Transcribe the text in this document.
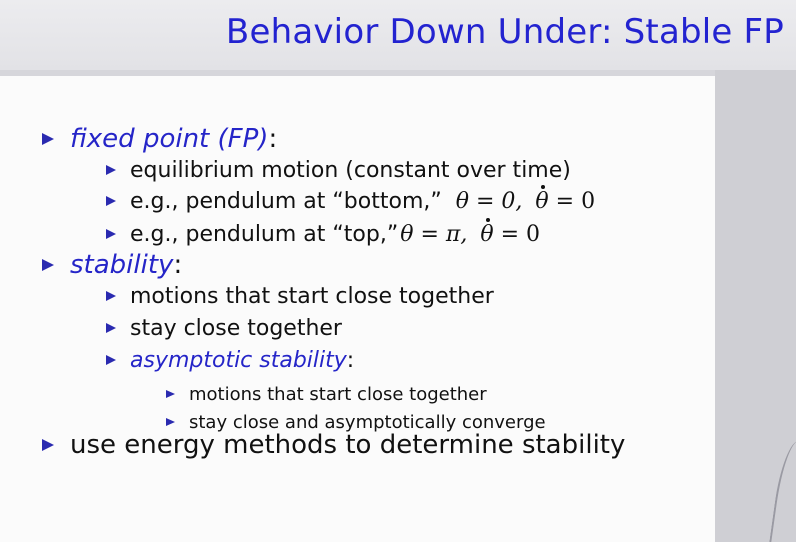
Behavior Down Under: Stable FP
fixed point (FP) :
equilibrium motion (constant over time)
e.g., pendulum at “bottom,” θ = 0, θ = 0
e.g., pendulum at “top,” θ = π, θ = 0
stability :
motions that start close together
stay close together
asymptotic stability :
motions that start close together
stay close and asymptotically converge
use energy methods to determine stability
